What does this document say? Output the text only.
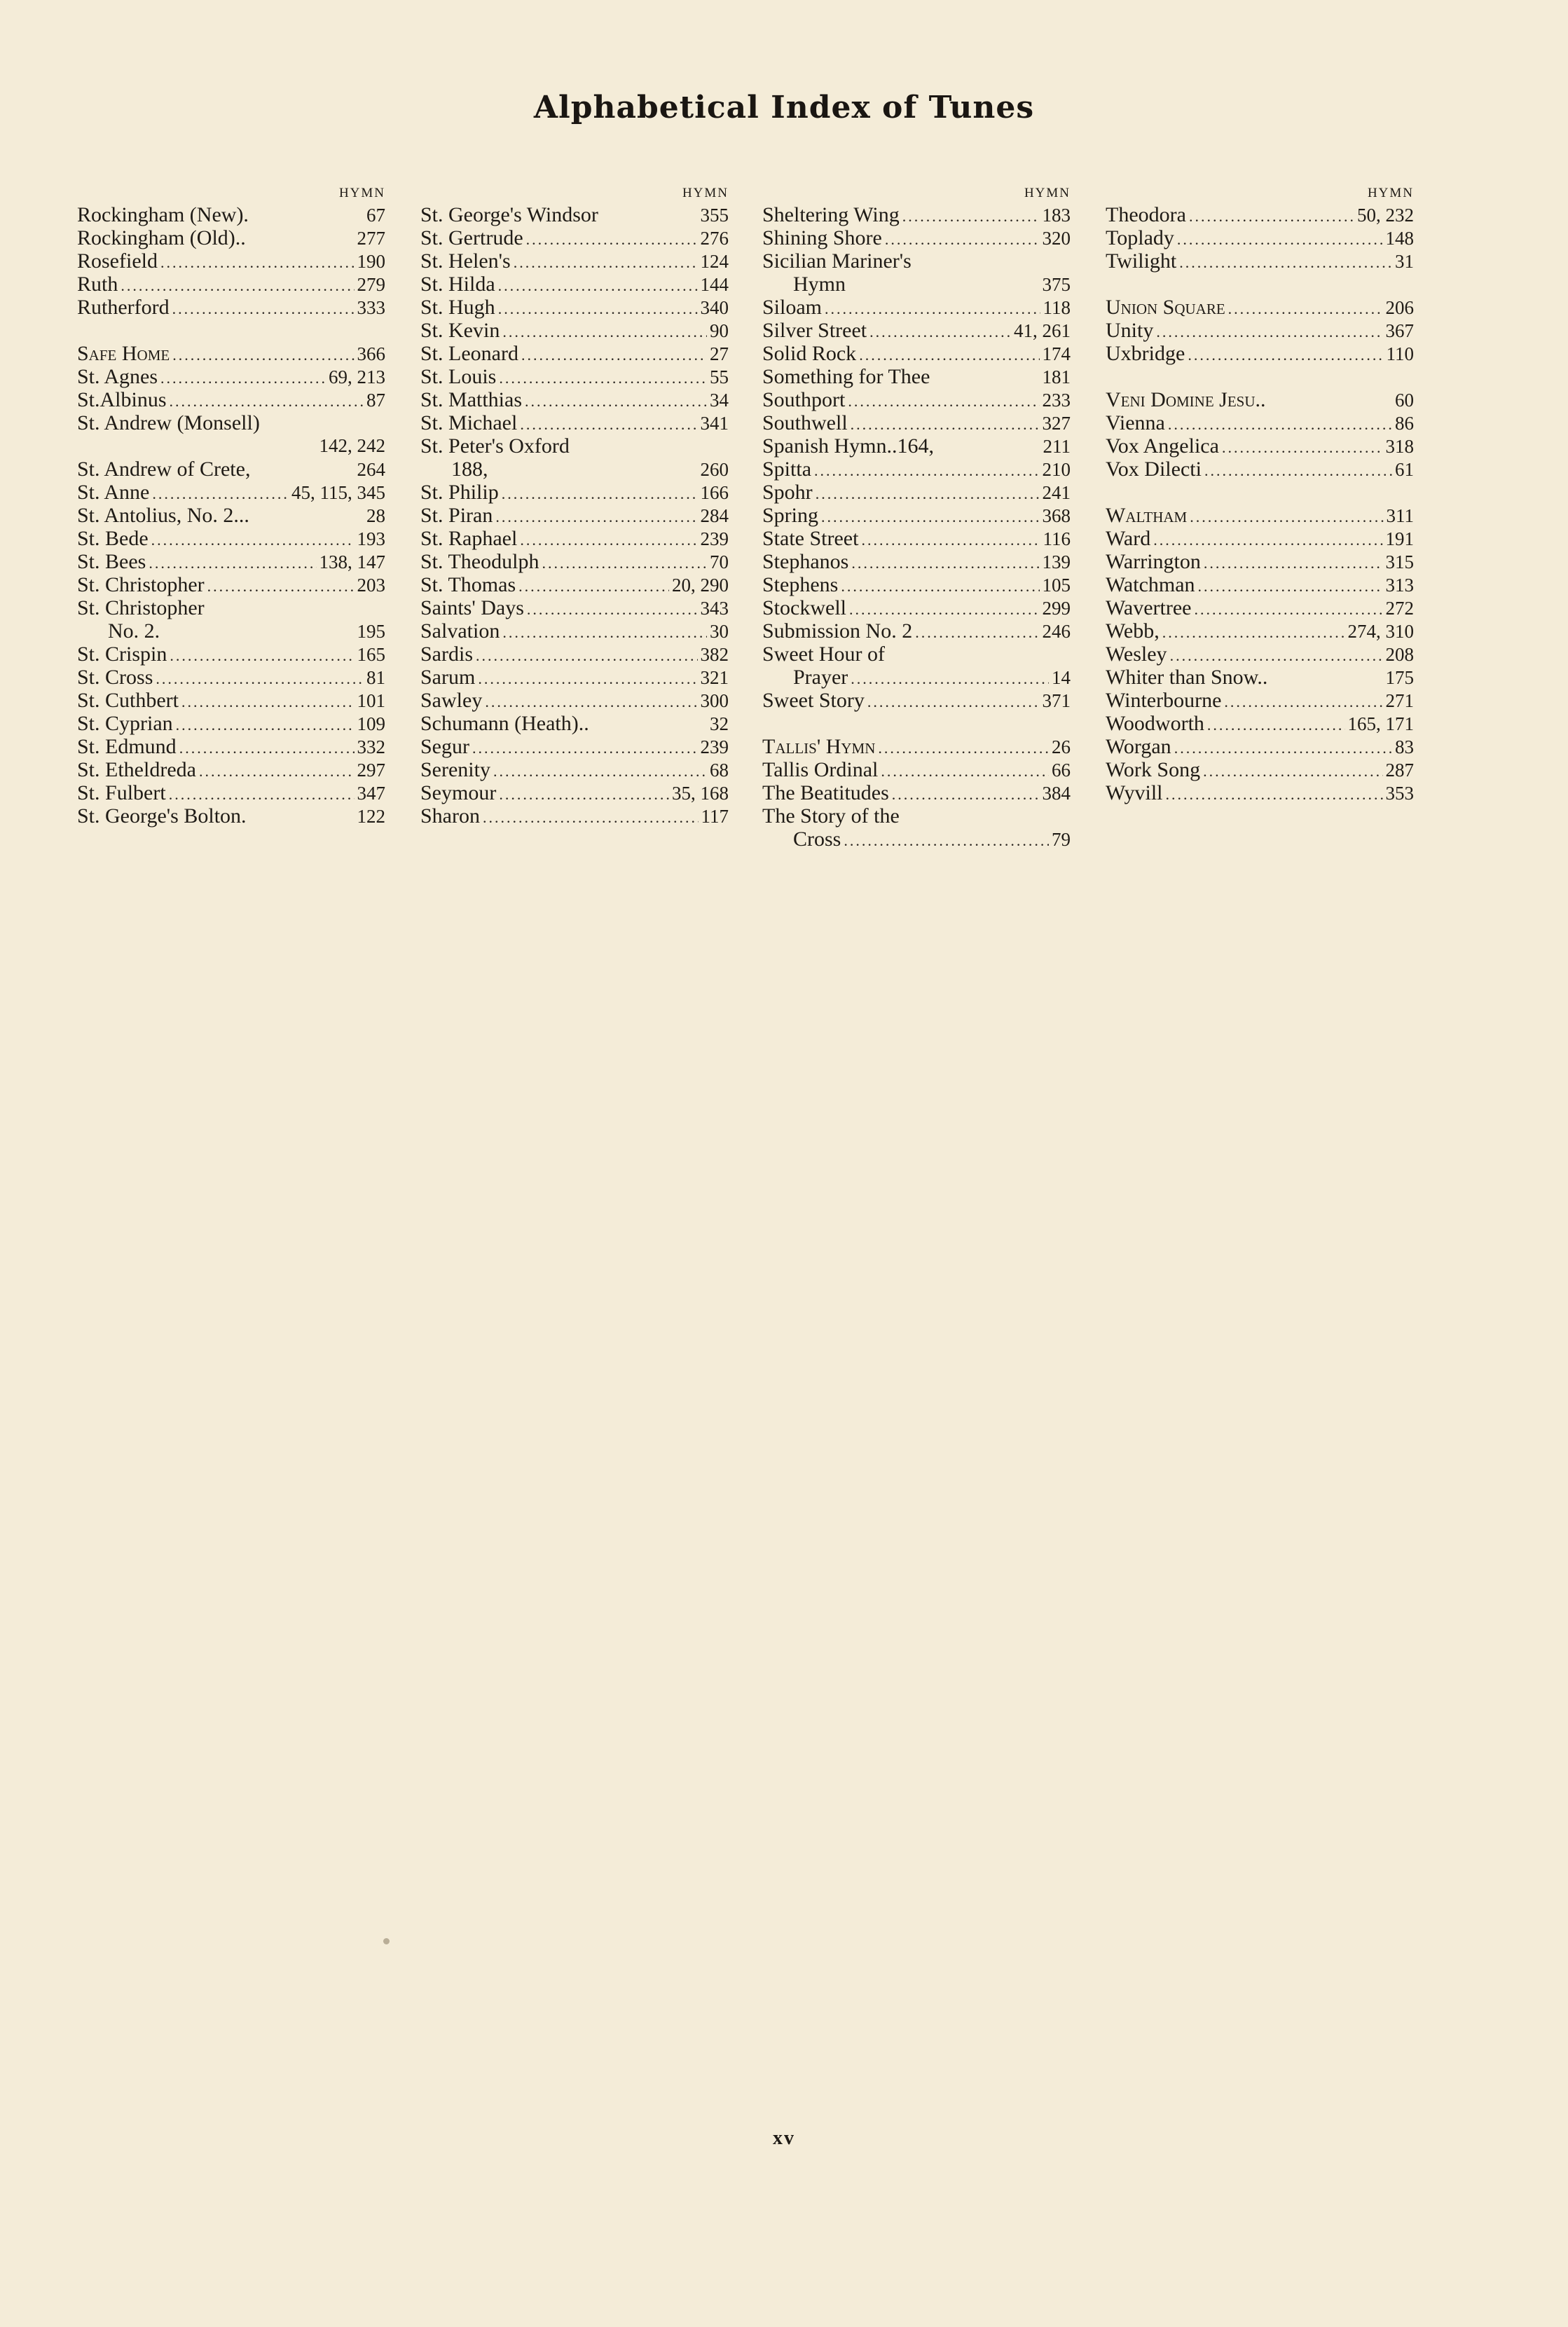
Alphabetical Index of Tunes
HYMN
Rockingham (New).	67
Rockingham (Old)..	277
Rosefield .....	190
Ruth .....	279
Rutherford .....	333
Safe Home .....	366
St. Agnes .....	69, 213
St.Albinus .....	87
St. Andrew (Monsell)
142, 242
St. Andrew of Crete,	264
St. Anne .....	45, 115, 345
St. Antolius, No. 2...	28
St. Bede .....	193
St. Bees .....	138, 147
St. Christopher .....	203
St. Christopher
No. 2.	195
St. Crispin .....	165
St. Cross .....	81
St. Cuthbert .....	101
St. Cyprian .....	109
St. Edmund .....	332
St. Etheldreda .....	297
St. Fulbert .....	347
St. George's Bolton.	122
HYMN
St. George's Windsor	355
St. Gertrude .....	276
St. Helen's .....	124
St. Hilda .....	144
St. Hugh .....	340
St. Kevin .....	90
St. Leonard .....	27
St. Louis .....	55
St. Matthias .....	34
St. Michael .....	341
St. Peter's Oxford
188,	260
St. Philip .....	166
St. Piran .....	284
St. Raphael .....	239
St. Theodulph .....	70
St. Thomas .....	20, 290
Saints' Days .....	343
Salvation .....	30
Sardis .....	382
Sarum .....	321
Sawley .....	300
Schumann (Heath)..	32
Segur .....	239
Serenity .....	68
Seymour .....	35, 168
Sharon .....	117
HYMN
Sheltering Wing .....	183
Shining Shore .....	320
Sicilian Mariner's
Hymn	375
Siloam .....	118
Silver Street .....	41, 261
Solid Rock .....	174
Something for Thee	181
Southport .....	233
Southwell .....	327
Spanish Hymn..164,	211
Spitta .....	210
Spohr .....	241
Spring .....	368
State Street .....	116
Stephanos .....	139
Stephens .....	105
Stockwell .....	299
Submission No. 2 .....	246
Sweet Hour of
Prayer .....	14
Sweet Story .....	371
Tallis' Hymn .....	26
Tallis Ordinal .....	66
The Beatitudes .....	384
The Story of the
Cross .....	79
HYMN
Theodora .....	50, 232
Toplady .....	148
Twilight .....	31
Union Square .....	206
Unity .....	367
Uxbridge .....	110
Veni Domine Jesu..	60
Vienna .....	86
Vox Angelica .....	318
Vox Dilecti .....	61
Waltham .....	311
Ward .....	191
Warrington .....	315
Watchman .....	313
Wavertree .....	272
Webb, .....	274, 310
Wesley .....	208
Whiter than Snow..	175
Winterbourne .....	271
Woodworth .....	165, 171
Worgan .....	83
Work Song .....	287
Wyvill .....	353
xv
